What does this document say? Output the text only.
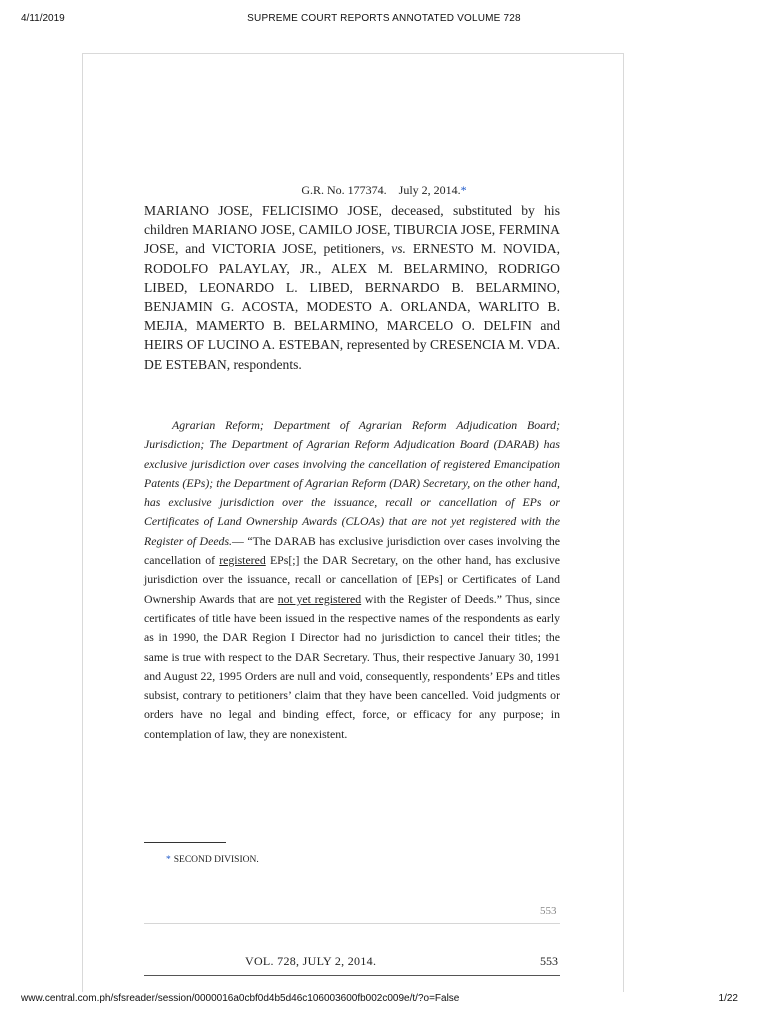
4/11/2019	SUPREME COURT REPORTS ANNOTATED VOLUME 728
G.R. No. 177374. July 2, 2014.*
MARIANO JOSE, FELICISIMO JOSE, deceased, substituted by his children MARIANO JOSE, CAMILO JOSE, TIBURCIA JOSE, FERMINA JOSE, and VICTORIA JOSE, petitioners, vs. ERNESTO M. NOVIDA, RODOLFO PALAYLAY, JR., ALEX M. BELARMINO, RODRIGO LIBED, LEONARDO L. LIBED, BERNARDO B. BELARMINO, BENJAMIN G. ACOSTA, MODESTO A. ORLANDA, WARLITO B. MEJIA, MAMERTO B. BELARMINO, MARCELO O. DELFIN and HEIRS OF LUCINO A. ESTEBAN, represented by CRESENCIA M. VDA. DE ESTEBAN, respondents.
Agrarian Reform; Department of Agrarian Reform Adjudication Board; Jurisdiction; The Department of Agrarian Reform Adjudication Board (DARAB) has exclusive jurisdiction over cases involving the cancellation of registered Emancipation Patents (EPs); the Department of Agrarian Reform (DAR) Secretary, on the other hand, has exclusive jurisdiction over the issuance, recall or cancellation of EPs or Certificates of Land Ownership Awards (CLOAs) that are not yet registered with the Register of Deeds.— “The DARAB has exclusive jurisdiction over cases involving the cancellation of registered EPs[;] the DAR Secretary, on the other hand, has exclusive jurisdiction over the issuance, recall or cancellation of [EPs] or Certificates of Land Ownership Awards that are not yet registered with the Register of Deeds.” Thus, since certificates of title have been issued in the respective names of the respondents as early as in 1990, the DAR Region I Director had no jurisdiction to cancel their titles; the same is true with respect to the DAR Secretary. Thus, their respective January 30, 1991 and August 22, 1995 Orders are null and void, consequently, respondents’ EPs and titles subsist, contrary to petitioners’ claim that they have been cancelled. Void judgments or orders have no legal and binding effect, force, or efficacy for any purpose; in contemplation of law, they are nonexistent.
* SECOND DIVISION.
553
VOL. 728, JULY 2, 2014.	553
www.central.com.ph/sfsreader/session/0000016a0cbf0d4b5d46c106003600fb002c009e/t/?o=False	1/22
